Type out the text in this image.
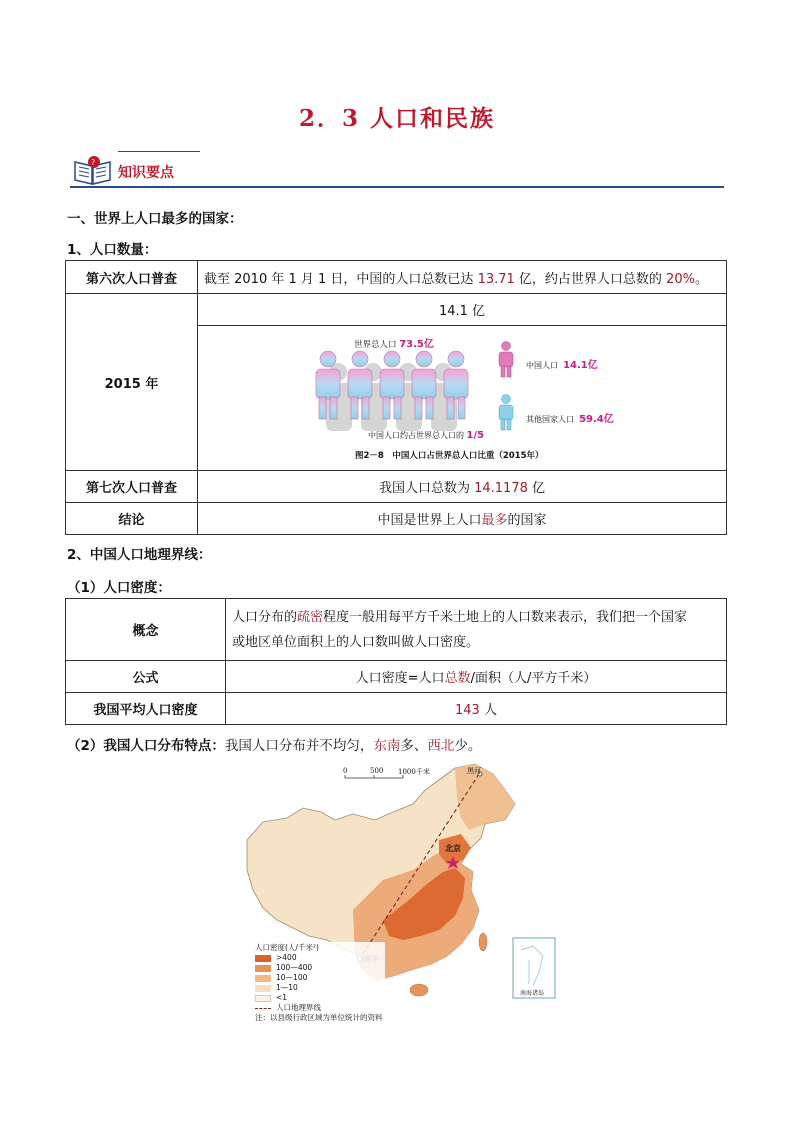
2．3 人口和民族
?
知识要点
一、世界上人口最多的国家：
1、人口数量：
第六次人口普查	截至 2010 年 1 月 1 日，中国的人口总数已达 13.71 亿，约占世界人口总数的 20%。
2015 年	14.1 亿

	世界总人口 73.5亿
中国人口约占世界总人口的 1/5
中国人口 14.1亿
其他国家人口 59.4亿
图2－8　中国人口占世界总人口比重（2015年）

第七次人口普查	我国人口总数为 14.1178 亿
结论	中国是世界上人口最多的国家
2、中国人口地理界线：
（1）人口密度：
概念	人口分布的疏密程度一般用每平方千米土地上的人口数来表示，我们把一个国家
或地区单位面积上的人口数叫做人口密度。
公式	人口密度=人口总数/面积（人/平方千米）
我国平均人口密度	143 人
（2）我国人口分布特点：我国人口分布并不均匀，东南多、西北少。
0	500 1000千米	黑河
北京
南海诸岛
人口密度(人/千米²)
>400
100—400
10—100
1—10
<1
人口地理界线
注：以县级行政区域为单位统计的资料
